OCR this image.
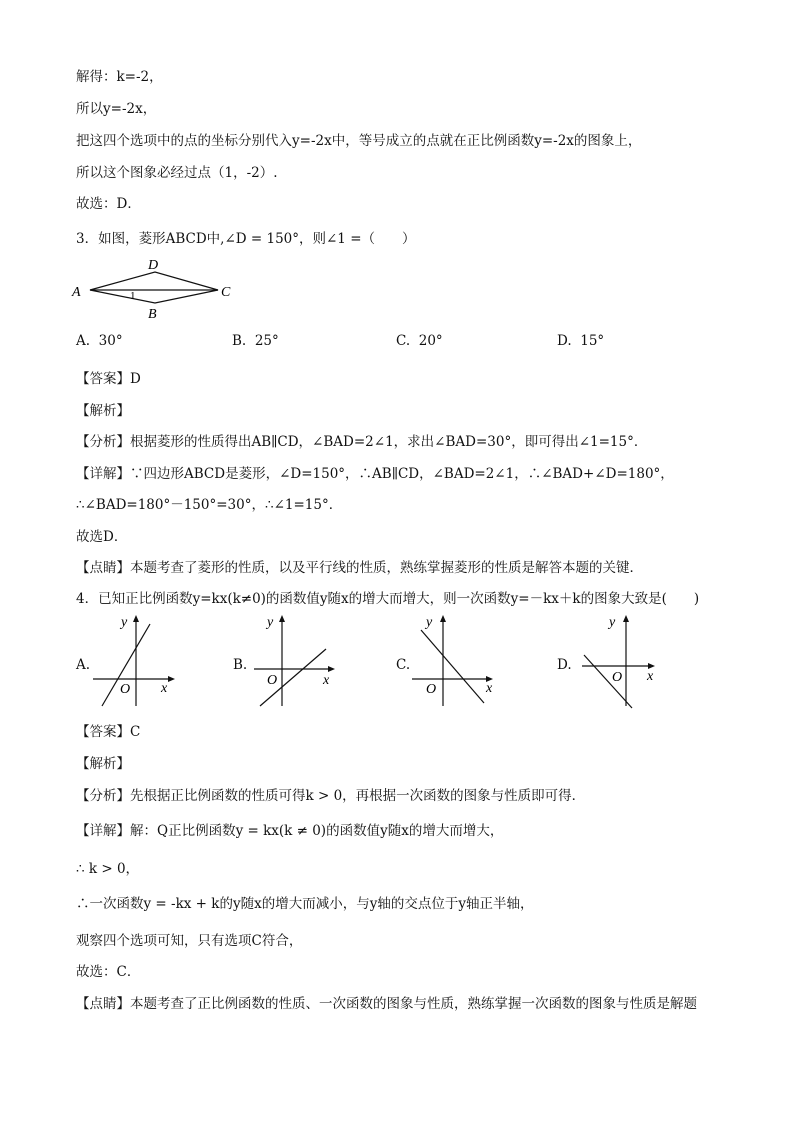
解得：k=-2，
所以y=-2x，
把这四个选项中的点的坐标分别代入y=-2x中，等号成立的点就在正比例函数y=-2x的图象上，
所以这个图象必经过点（1，-2）.
故选：D．
3．如图，菱形ABCD中,∠D = 150°，则∠1 =（　　）
A
D
C
B
1
A. 30°	B. 25°	C. 20°	D. 15°
【答案】D
【解析】
【分析】根据菱形的性质得出AB∥CD，∠BAD=2∠1，求出∠BAD=30°，即可得出∠1=15°．
【详解】∵四边形ABCD是菱形，∠D=150°，∴AB∥CD，∠BAD=2∠1，∴∠BAD+∠D=180°，
∴∠BAD=180°－150°=30°，∴∠1=15°．
故选D．
【点睛】本题考查了菱形的性质，以及平行线的性质，熟练掌握菱形的性质是解答本题的关键．
4．已知正比例函数y=kx(k≠0)的函数值y随x的增大而增大，则一次函数y=－kx＋k的图象大致是(　　)
A.
y
x
O
B.
y
x
O
C.
y
x
O
D.
y
x
O
【答案】C
【解析】
【分析】先根据正比例函数的性质可得k > 0，再根据一次函数的图象与性质即可得．
【详解】解：Q正比例函数y = kx(k ≠ 0)的函数值y随x的增大而增大，
∴ k > 0，
∴一次函数y = -kx + k的y随x的增大而减小，与y轴的交点位于y轴正半轴，
观察四个选项可知，只有选项C符合，
故选：C．
【点睛】本题考查了正比例函数的性质、一次函数的图象与性质，熟练掌握一次函数的图象与性质是解题
